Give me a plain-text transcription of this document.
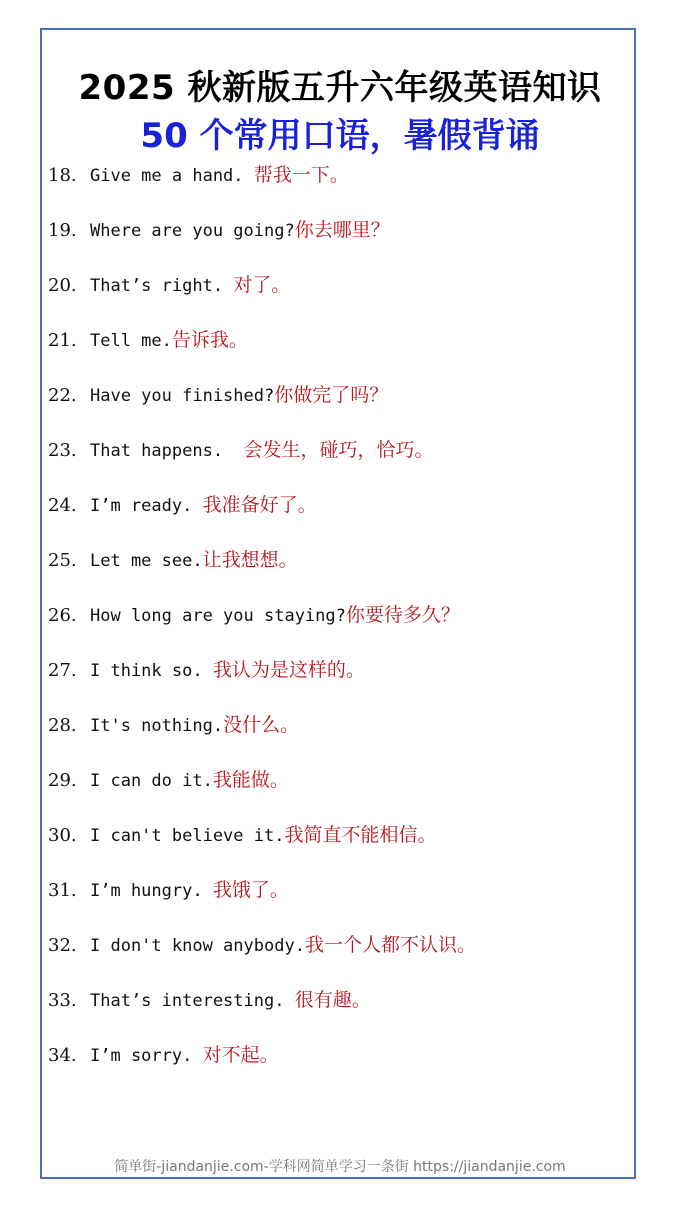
2025 秋新版五升六年级英语知识
50 个常用口语，暑假背诵
18. Give me a hand. 帮我一下。
19. Where are you going?你去哪里？
20. That’s right. 对了。
21. Tell me.告诉我。
22. Have you finished?你做完了吗？
23. That happens.  会发生，碰巧，恰巧。
24. I’m ready. 我准备好了。
25. Let me see.让我想想。
26. How long are you staying?你要待多久？
27. I think so. 我认为是这样的。
28. It's nothing.没什么。
29. I can do it.我能做。
30. I can't believe it.我简直不能相信。
31. I’m hungry. 我饿了。
32. I don't know anybody.我一个人都不认识。
33. That’s interesting. 很有趣。
34. I’m sorry. 对不起。
简单街-jiandanjie.com-学科网简单学习一条街 https://jiandanjie.com
